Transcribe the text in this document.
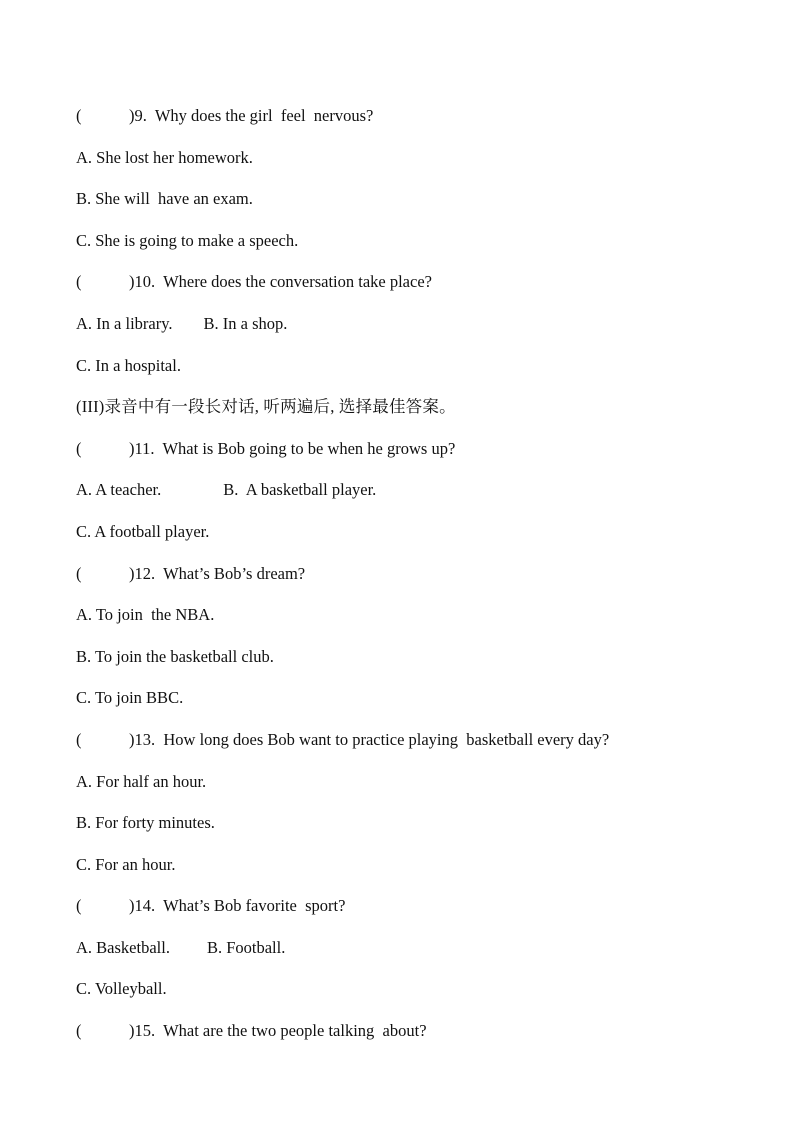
(	)9.  Why does the girl  feel  nervous?
A. She lost her homework.
B. She will  have an exam.
C. She is going to make a speech.
(	)10.  Where does the conversation take place?
A. In a library. B. In a shop.
C. In a hospital.
(III)录音中有一段长对话, 听两遍后, 选择最佳答案。
(	)11.  What is Bob going to be when he grows up?
A. A teacher.	B.  A basketball player.
C. A football player.
(	)12.  What’s Bob’s dream?
A. To join  the NBA.
B. To join the basketball club.
C. To join BBC.
(	)13.  How long does Bob want to practice playing  basketball every day?
A. For half an hour.
B. For forty minutes.
C. For an hour.
(	)14.  What’s Bob favorite  sport?
A. Basketball. B. Football.
C. Volleyball.
(	)15.  What are the two people talking  about?
